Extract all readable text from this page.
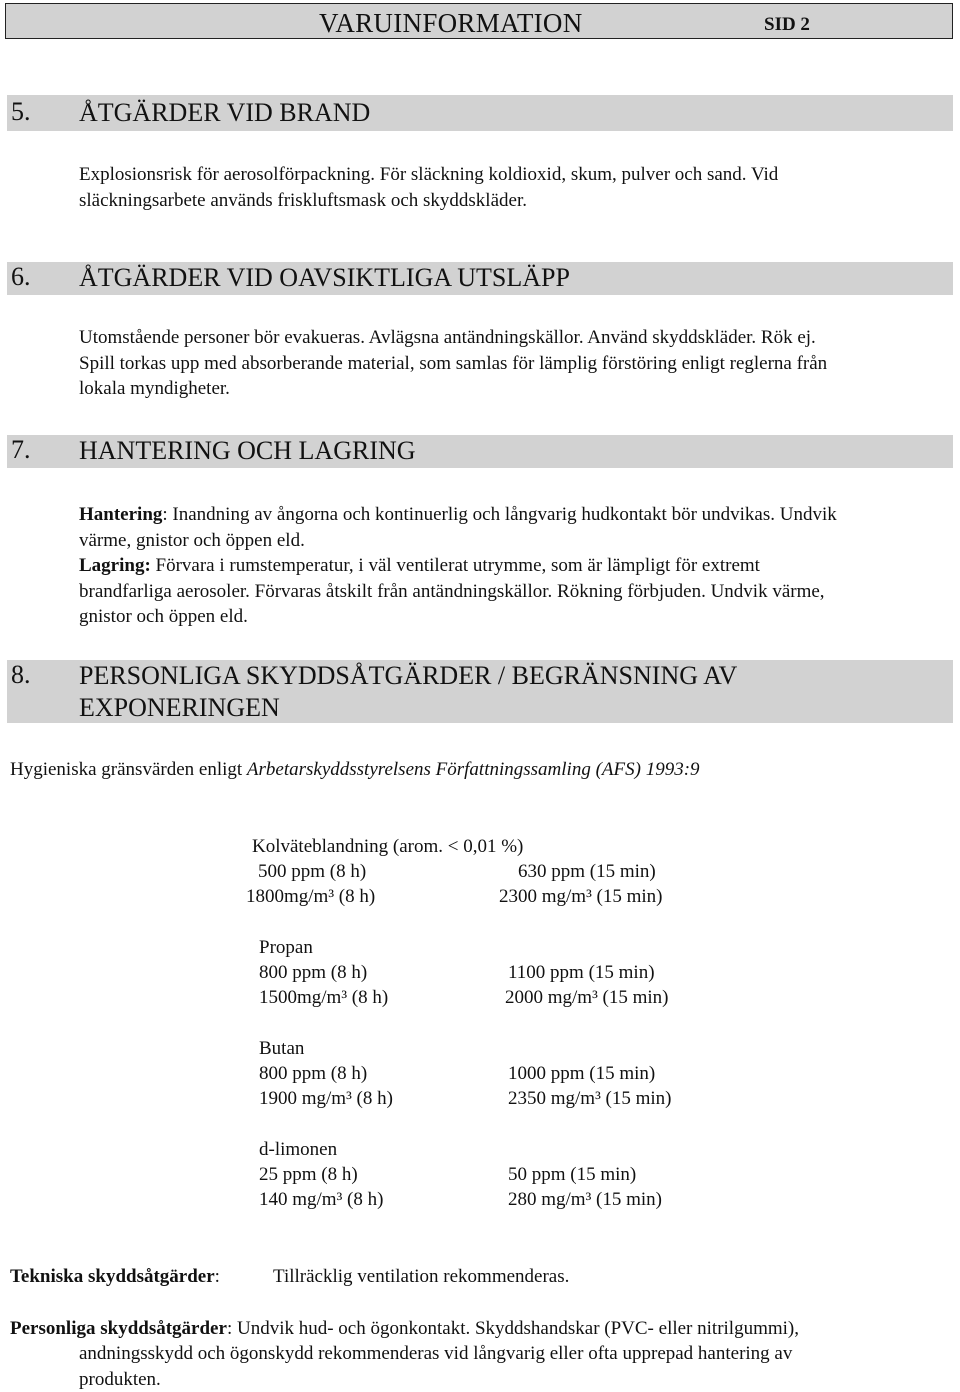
VARUINFORMATION	SID 2
5. ÅTGÄRDER VID BRAND
Explosionsrisk för aerosolförpackning. För släckning koldioxid, skum, pulver och sand. Vid
släckningsarbete används friskluftsmask och skyddskläder.
6. ÅTGÄRDER VID OAVSIKTLIGA UTSLÄPP
Utomstående personer bör evakueras. Avlägsna antändningskällor. Använd skyddskläder. Rök ej.
Spill torkas upp med absorberande material, som samlas för lämplig förstöring enligt reglerna från
lokala myndigheter.
7. HANTERING OCH LAGRING
Hantering: Inandning av ångorna och kontinuerlig och långvarig hudkontakt bör undvikas. Undvik
värme, gnistor och öppen eld.
Lagring: Förvara i rumstemperatur, i väl ventilerat utrymme, som är lämpligt för extremt
brandfarliga aerosoler. Förvaras åtskilt från antändningskällor. Rökning förbjuden. Undvik värme,
gnistor och öppen eld.
8. PERSONLIGA SKYDDSÅTGÄRDER / BEGRÄNSNING AV
EXPONERINGEN
Hygieniska gränsvärden enligt Arbetarskyddsstyrelsens Författningssamling (AFS) 1993:9
Kolväteblandning (arom. < 0,01 %)
500 ppm (8 h)	630 ppm (15 min)
1800mg/m³ (8 h)	2300 mg/m³ (15 min)
Propan
800 ppm (8 h)	1100 ppm (15 min)
1500mg/m³ (8 h)	2000 mg/m³ (15 min)
Butan
800 ppm (8 h)	1000 ppm (15 min)
1900 mg/m³ (8 h)	2350 mg/m³ (15 min)
d-limonen
25 ppm (8 h)	50 ppm (15 min)
140 mg/m³ (8 h)	280 mg/m³ (15 min)
Tekniska skyddsåtgärder:	Tillräcklig ventilation rekommenderas.
Personliga skyddsåtgärder: Undvik hud- och ögonkontakt. Skyddshandskar (PVC- eller nitrilgummi),
andningsskydd och ögonskydd rekommenderas vid långvarig eller ofta upprepad hantering av
produkten.
